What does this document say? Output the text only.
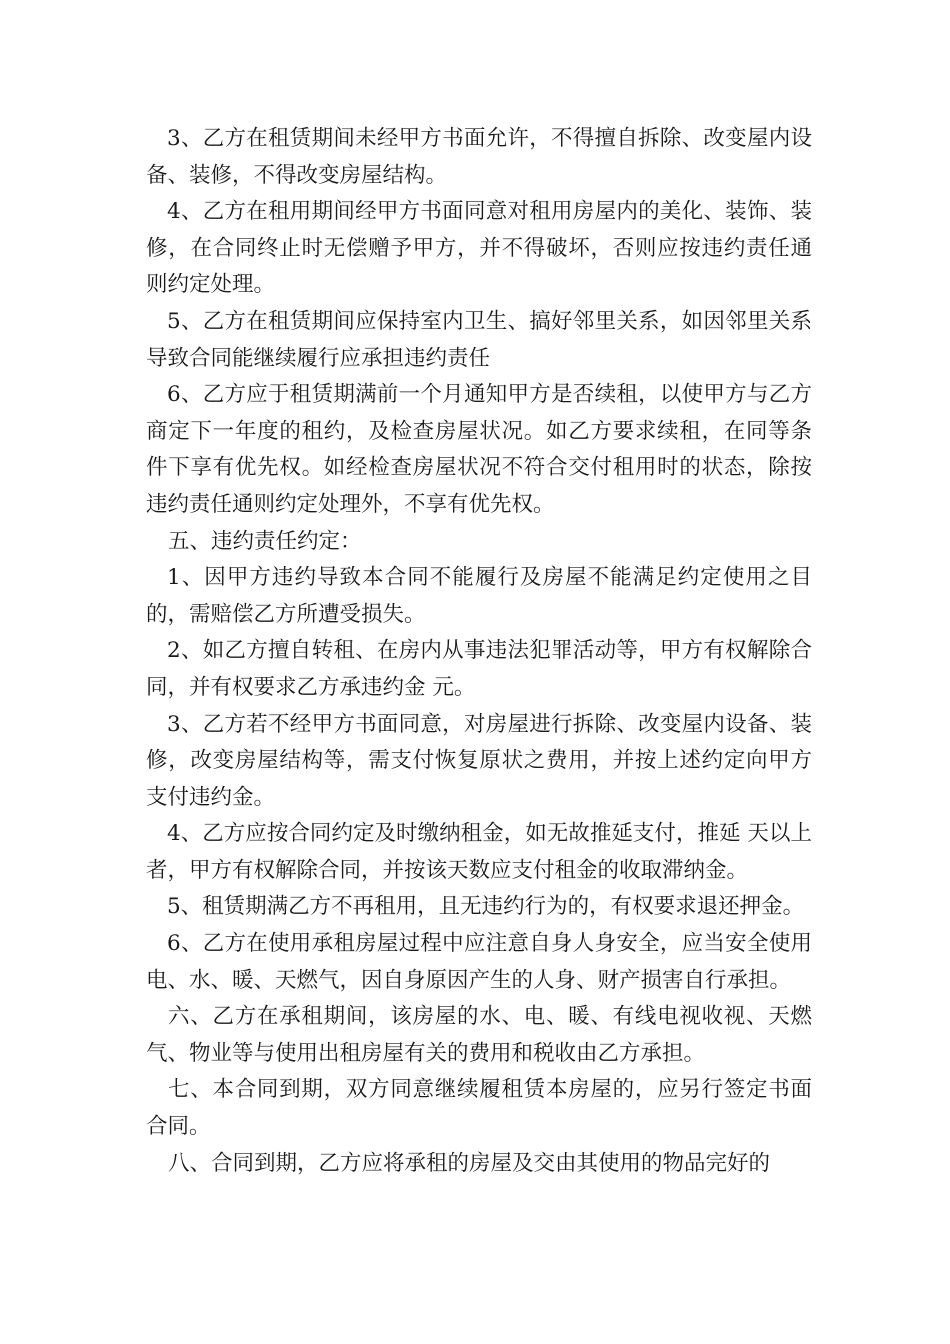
3、乙方在租赁期间未经甲方书面允许，不得擅自拆除、改变屋内设备、装修，不得改变房屋结构。

4、乙方在租用期间经甲方书面同意对租用房屋内的美化、装饰、装修，在合同终止时无偿赠予甲方，并不得破坏，否则应按违约责任通则约定处理。

5、乙方在租赁期间应保持室内卫生、搞好邻里关系，如因邻里关系导致合同能继续履行应承担违约责任

6、乙方应于租赁期满前一个月通知甲方是否续租，以使甲方与乙方商定下一年度的租约，及检查房屋状况。如乙方要求续租，在同等条件下享有优先权。如经检查房屋状况不符合交付租用时的状态，除按违约责任通则约定处理外，不享有优先权。

五、违约责任约定：

1、因甲方违约导致本合同不能履行及房屋不能满足约定使用之目的，需赔偿乙方所遭受损失。

2、如乙方擅自转租、在房内从事违法犯罪活动等，甲方有权解除合同，并有权要求乙方承违约金 元。

3、乙方若不经甲方书面同意，对房屋进行拆除、改变屋内设备、装修，改变房屋结构等，需支付恢复原状之费用，并按上述约定向甲方支付违约金。

4、乙方应按合同约定及时缴纳租金，如无故推延支付，推延 天以上者，甲方有权解除合同，并按该天数应支付租金的收取滞纳金。

5、租赁期满乙方不再租用，且无违约行为的，有权要求退还押金。

6、乙方在使用承租房屋过程中应注意自身人身安全，应当安全使用电、水、暖、天燃气，因自身原因产生的人身、财产损害自行承担。

六、乙方在承租期间，该房屋的水、电、暖、有线电视收视、天燃气、物业等与使用出租房屋有关的费用和税收由乙方承担。

七、本合同到期，双方同意继续履租赁本房屋的，应另行签定书面合同。

八、合同到期，乙方应将承租的房屋及交由其使用的物品完好的
